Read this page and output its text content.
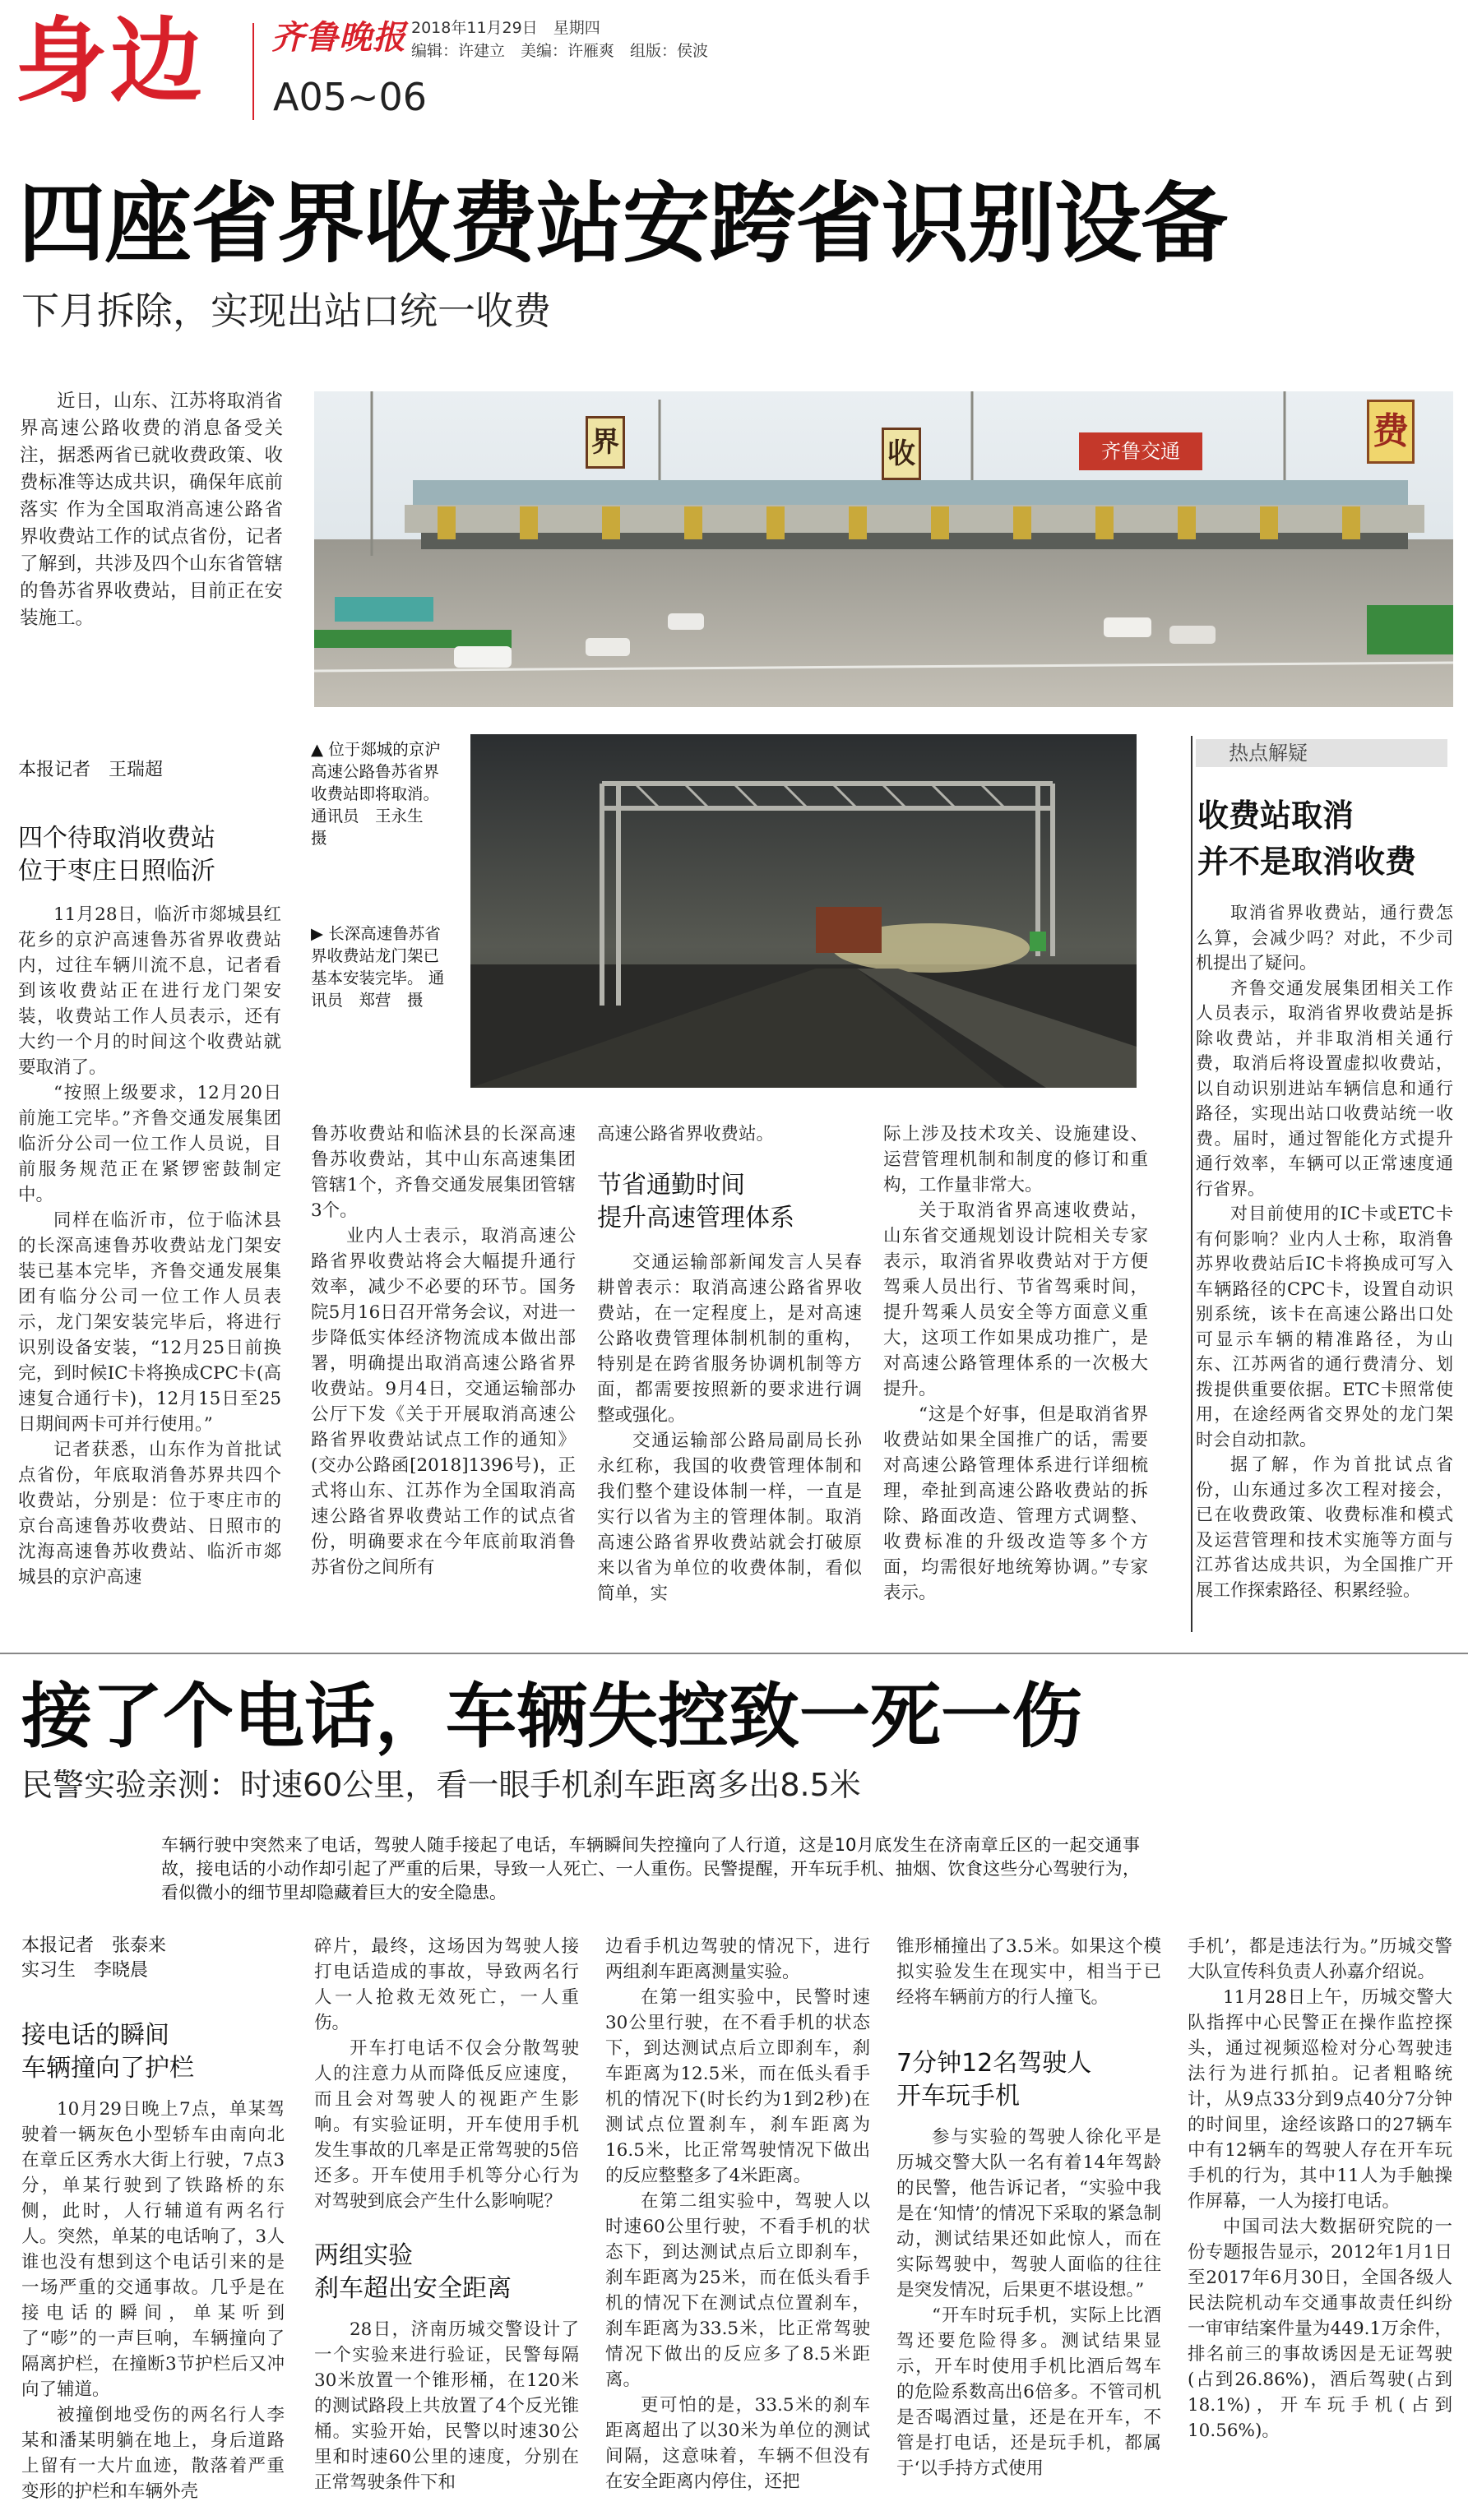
身边 齐鲁晚报 2018年11月29日　星期四
编辑：许建立　美编：许雁爽　组版：侯波
A05~06
四座省界收费站安跨省识别设备
下月拆除，实现出站口统一收费

近日，山东、江苏将取消省界高速公路收费的消息备受关注，据悉两省已就收费政策、收费标准等达成共识，确保年底前落实 作为全国取消高速公路省界收费站工作的试点省份，记者了解到，共涉及四个山东省管辖的鲁苏省界收费站，目前正在安装施工。

界	收	齐鲁交通	费
本报记者　王瑞超
四个待取消收费站
位于枣庄日照临沂

11月28日，临沂市郯城县红花乡的京沪高速鲁苏省界收费站内，过往车辆川流不息，记者看到该收费站正在进行龙门架安装，收费站工作人员表示，还有大约一个月的时间这个收费站就要取消了。

“按照上级要求，12月20日前施工完毕。”齐鲁交通发展集团临沂分公司一位工作人员说，目前服务规范正在紧锣密鼓制定中。

同样在临沂市，位于临沭县的长深高速鲁苏收费站龙门架安装已基本完毕，齐鲁交通发展集团有临分公司一位工作人员表示，龙门架安装完毕后，将进行识别设备安装，“12月25日前换完，到时候IC卡将换成CPC卡(高速复合通行卡)，12月15日至25日期间两卡可并行使用。”

记者获悉，山东作为首批试点省份，年底取消鲁苏界共四个收费站，分别是：位于枣庄市的京台高速鲁苏收费站、日照市的沈海高速鲁苏收费站、临沂市郯城县的京沪高速

▲ 位于郯城的京沪高速公路鲁苏省界收费站即将取消。 通讯员　王永生　摄
▶ 长深高速鲁苏省界收费站龙门架已基本安装完毕。 通讯员　郑营　摄

鲁苏收费站和临沭县的长深高速鲁苏收费站，其中山东高速集团管辖1个，齐鲁交通发展集团管辖3个。

业内人士表示，取消高速公路省界收费站将会大幅提升通行效率，减少不必要的环节。国务院5月16日召开常务会议，对进一步降低实体经济物流成本做出部署，明确提出取消高速公路省界收费站。9月4日，交通运输部办公厅下发《关于开展取消高速公路省界收费站试点工作的通知》(交办公路函[2018]1396号)，正式将山东、江苏作为全国取消高速公路省界收费站工作的试点省份，明确要求在今年底前取消鲁苏省份之间所有

高速公路省界收费站。

节省通勤时间
提升高速管理体系

交通运输部新闻发言人吴春耕曾表示：取消高速公路省界收费站，在一定程度上，是对高速公路收费管理体制机制的重构，特别是在跨省服务协调机制等方面，都需要按照新的要求进行调整或强化。

交通运输部公路局副局长孙永红称，我国的收费管理体制和我们整个建设体制一样，一直是实行以省为主的管理体制。取消高速公路省界收费站就会打破原来以省为单位的收费体制，看似简单，实

际上涉及技术攻关、设施建设、运营管理机制和制度的修订和重构，工作量非常大。

关于取消省界高速收费站，山东省交通规划设计院相关专家表示，取消省界收费站对于方便驾乘人员出行、节省驾乘时间，提升驾乘人员安全等方面意义重大，这项工作如果成功推广，是对高速公路管理体系的一次极大提升。

“这是个好事，但是取消省界收费站如果全国推广的话，需要对高速公路管理体系进行详细梳理，牵扯到高速公路收费站的拆除、路面改造、管理方式调整、收费标准的升级改造等多个方面，均需很好地统筹协调。”专家表示。

热点解疑
收费站取消
并不是取消收费

取消省界收费站，通行费怎么算，会减少吗？对此，不少司机提出了疑问。

齐鲁交通发展集团相关工作人员表示，取消省界收费站是拆除收费站，并非取消相关通行费，取消后将设置虚拟收费站，以自动识别进站车辆信息和通行路径，实现出站口收费站统一收费。届时，通过智能化方式提升通行效率，车辆可以正常速度通行省界。

对目前使用的IC卡或ETC卡有何影响？业内人士称，取消鲁苏界收费站后IC卡将换成可写入车辆路径的CPC卡，设置自动识别系统，该卡在高速公路出口处可显示车辆的精准路径，为山东、江苏两省的通行费清分、划拨提供重要依据。ETC卡照常使用，在途经两省交界处的龙门架时会自动扣款。

据了解，作为首批试点省份，山东通过多次工程对接会，已在收费政策、收费标准和模式及运营管理和技术实施等方面与江苏省达成共识，为全国推广开展工作探索路径、积累经验。

接了个电话，车辆失控致一死一伤
民警实验亲测：时速60公里，看一眼手机刹车距离多出8.5米
车辆行驶中突然来了电话，驾驶人随手接起了电话，车辆瞬间失控撞向了人行道，这是10月底发生在济南章丘区的一起交通事故，接电话的小动作却引起了严重的后果，导致一人死亡、一人重伤。民警提醒，开车玩手机、抽烟、饮食这些分心驾驶行为，看似微小的细节里却隐藏着巨大的安全隐患。
本报记者　张泰来
实习生　李晓晨
接电话的瞬间
车辆撞向了护栏

10月29日晚上7点，单某驾驶着一辆灰色小型轿车由南向北在章丘区秀水大街上行驶，7点3分，单某行驶到了铁路桥的东侧，此时，人行辅道有两名行人。突然，单某的电话响了，3人谁也没有想到这个电话引来的是一场严重的交通事故。几乎是在接电话的瞬间，单某听到了“嘭”的一声巨响，车辆撞向了隔离护栏，在撞断3节护栏后又冲向了辅道。

被撞倒地受伤的两名行人李某和潘某明躺在地上，身后道路上留有一大片血迹，散落着严重变形的护栏和车辆外壳

碎片，最终，这场因为驾驶人接打电话造成的事故，导致两名行人一人抢救无效死亡，一人重伤。

开车打电话不仅会分散驾驶人的注意力从而降低反应速度，而且会对驾驶人的视距产生影响。有实验证明，开车使用手机发生事故的几率是正常驾驶的5倍还多。开车使用手机等分心行为对驾驶到底会产生什么影响呢？

两组实验
刹车超出安全距离

28日，济南历城交警设计了一个实验来进行验证，民警每隔30米放置一个锥形桶，在120米的测试路段上共放置了4个反光锥桶。实验开始，民警以时速30公里和时速60公里的速度，分别在正常驾驶条件下和

边看手机边驾驶的情况下，进行两组刹车距离测量实验。

在第一组实验中，民警时速30公里行驶，在不看手机的状态下，到达测试点后立即刹车，刹车距离为12.5米，而在低头看手机的情况下(时长约为1到2秒)在测试点位置刹车，刹车距离为16.5米，比正常驾驶情况下做出的反应整整多了4米距离。

在第二组实验中，驾驶人以时速60公里行驶，不看手机的状态下，到达测试点后立即刹车，刹车距离为25米，而在低头看手机的情况下在测试点位置刹车，刹车距离为33.5米，比正常驾驶情况下做出的反应多了8.5米距离。

更可怕的是，33.5米的刹车距离超出了以30米为单位的测试间隔，这意味着，车辆不但没有在安全距离内停住，还把

锥形桶撞出了3.5米。如果这个模拟实验发生在现实中，相当于已经将车辆前方的行人撞飞。

7分钟12名驾驶人
开车玩手机

参与实验的驾驶人徐化平是历城交警大队一名有着14年驾龄的民警，他告诉记者，“实验中我是在‘知情’的情况下采取的紧急制动，测试结果还如此惊人，而在实际驾驶中，驾驶人面临的往往是突发情况，后果更不堪设想。”

“开车时玩手机，实际上比酒驾还要危险得多。测试结果显示，开车时使用手机比酒后驾车的危险系数高出6倍多。不管司机是否喝酒过量，还是在开车，不管是打电话，还是玩手机，都属于‘以手持方式使用

手机’，都是违法行为。”历城交警大队宣传科负责人孙嘉介绍说。

11月28日上午，历城交警大队指挥中心民警正在操作监控探头，通过视频巡检对分心驾驶违法行为进行抓拍。记者粗略统计，从9点33分到9点40分7分钟的时间里，途经该路口的27辆车中有12辆车的驾驶人存在开车玩手机的行为，其中11人为手触操作屏幕，一人为接打电话。

中国司法大数据研究院的一份专题报告显示，2012年1月1日至2017年6月30日，全国各级人民法院机动车交通事故责任纠纷一审审结案件量为449.1万余件，排名前三的事故诱因是无证驾驶(占到26.86%)，酒后驾驶(占到18.1%)，开车玩手机(占到10.56%)。
